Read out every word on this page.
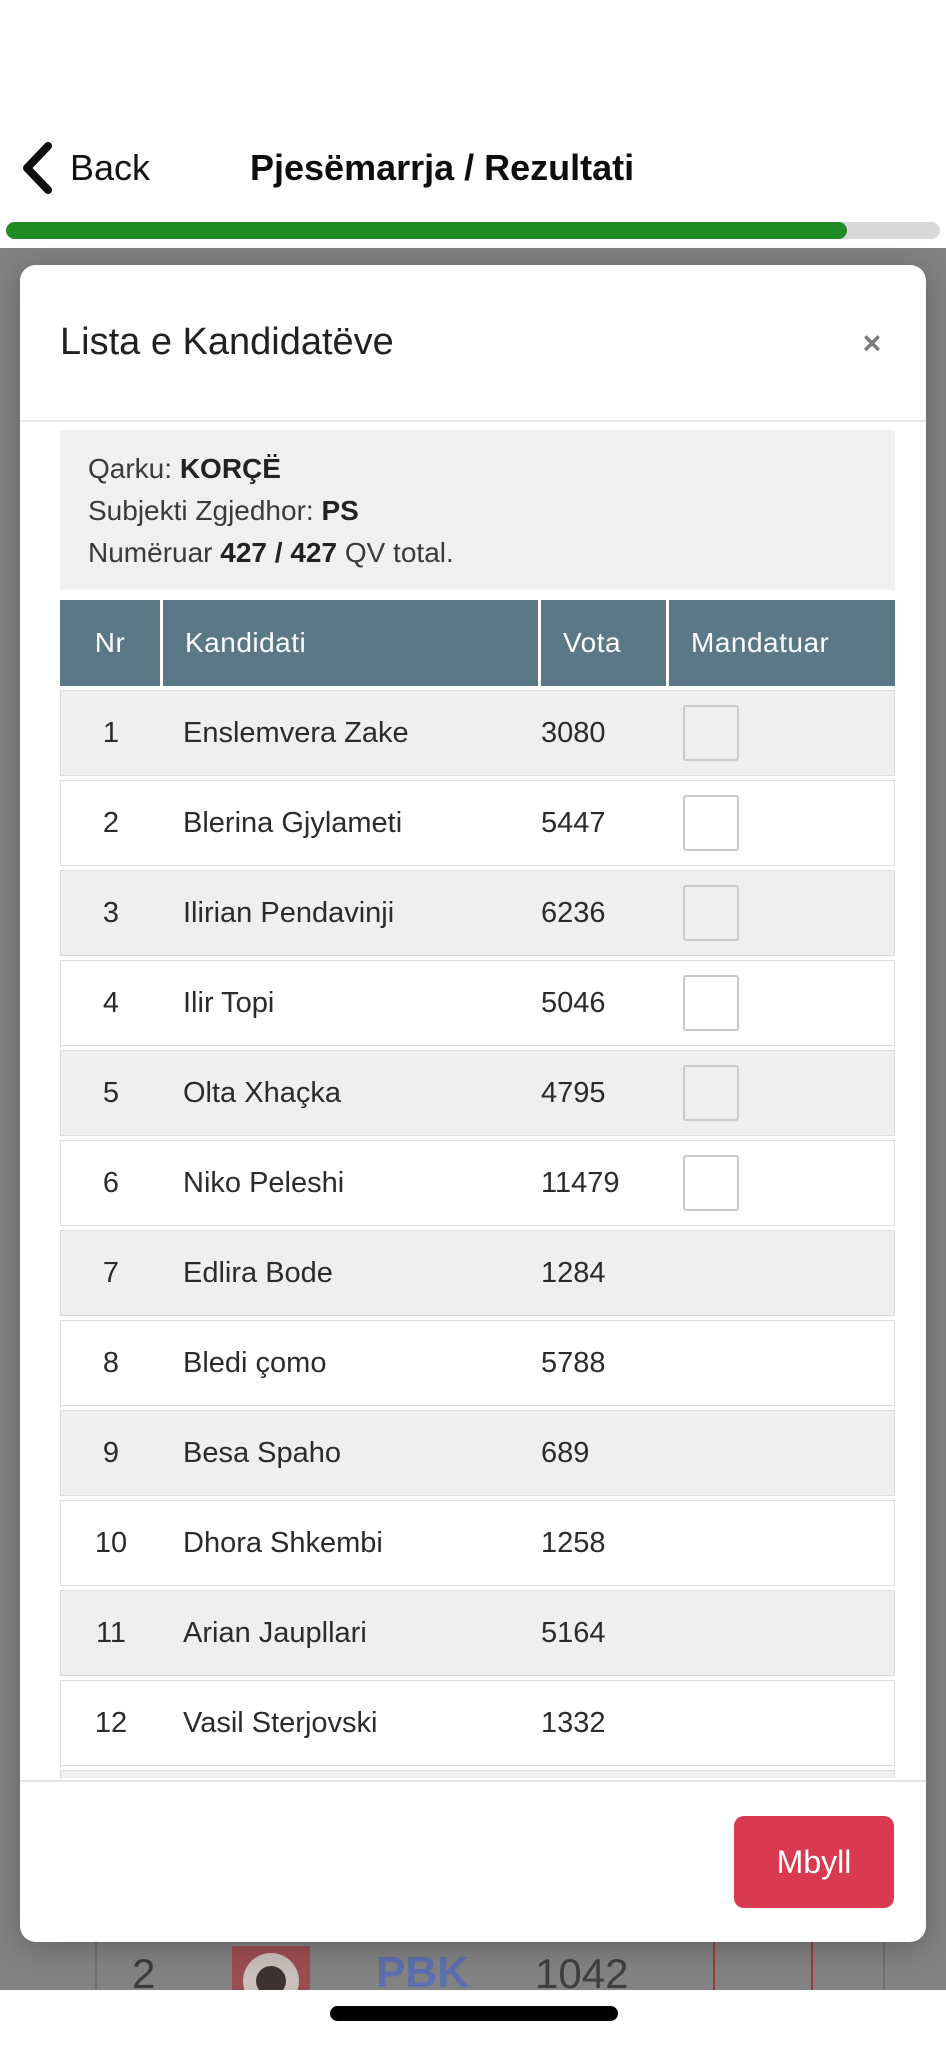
Back	Pjesëmarrja / Rezultati
2	PBK 1042
Lista e Kandidatëve	×
Qarku: KORÇË
Subjekti Zgjedhor: PS
Numëruar 427 / 427 QV total.
Nr	Kandidati	Vota	Mandatuar
1	Enslemvera Zake	3080
2	Blerina Gjylameti	5447
3	Ilirian Pendavinji	6236
4	Ilir Topi	5046
5	Olta Xhaçka	4795
6	Niko Peleshi	11479
7	Edlira Bode	1284
8	Bledi çomo	5788
9	Besa Spaho	689
10	Dhora Shkembi	1258
11	Arian Jaupllari	5164
12	Vasil Sterjovski	1332
Mbyll
